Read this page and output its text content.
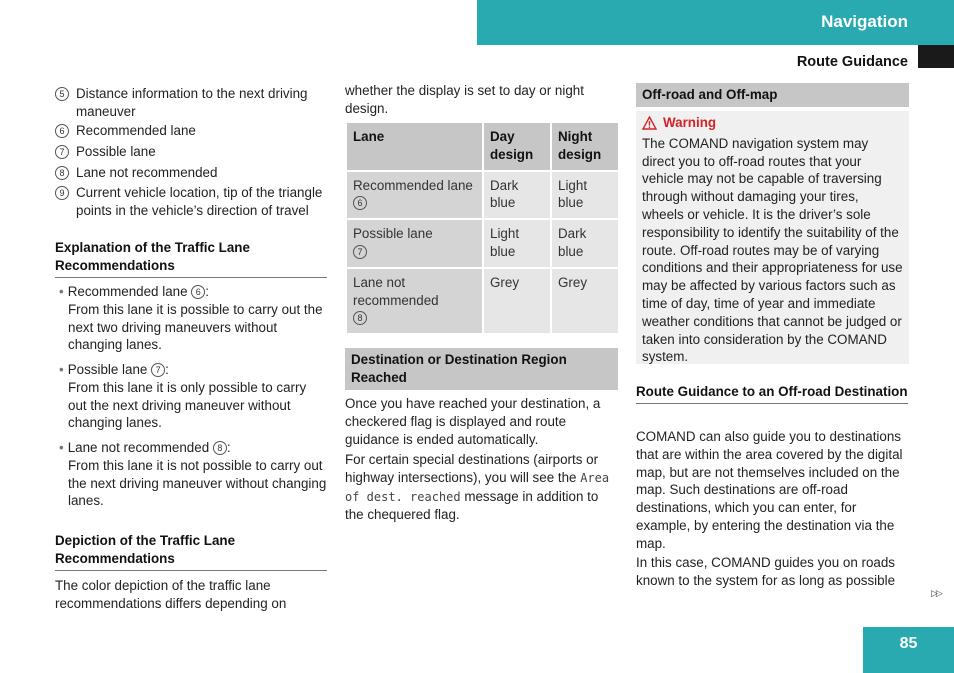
Navigation
Route Guidance
5 Distance information to the next driving maneuver
6 Recommended lane
7 Possible lane
8 Lane not recommended
9 Current vehicle location, tip of the triangle points in the vehicle’s direction of travel
Explanation of the Traffic Lane Recommendations
• Recommended lane 6 :
From this lane it is possible to carry out the next two driving maneuvers without changing lanes.
• Possible lane 7 :
From this lane it is only possible to carry out the next driving maneuver without changing lanes.
• Lane not recommended 8 :
From this lane it is not possible to carry out the next driving maneuver without changing lanes.
Depiction of the Traffic Lane Recommendations
The color depiction of the traffic lane recommendations differs depending on
whether the display is set to day or night design.
Lane	Day design	Night design
Recommended lane
6	Dark blue	Light blue
Possible lane
7	Light blue	Dark blue
Lane not recommended
8	Grey	Grey
Destination or Destination Region Reached
Once you have reached your destination, a checkered flag is displayed and route guidance is ended automatically.
For certain special destinations (airports or highway intersections), you will see the Area of dest. reached message in addition to the chequered flag.
Off-road and Off-map
Warning
The COMAND navigation system may direct you to off-road routes that your vehicle may not be capable of traversing through without damaging your tires, wheels or vehicle. It is the driver’s sole responsibility to identify the suitability of the route. Off-road routes may be of varying conditions and their appropriateness for use may be affected by various factors such as time of day, time of year and immediate weather conditions that cannot be judged or taken into consideration by the COMAND system.
Route Guidance to an Off-road Destination
COMAND can also guide you to destinations that are within the area covered by the digital map, but are not themselves included on the map. Such destinations are off-road destinations, which you can enter, for example, by entering the destination via the map.
In this case, COMAND guides you on roads known to the system for as long as possible
▷▷
85
